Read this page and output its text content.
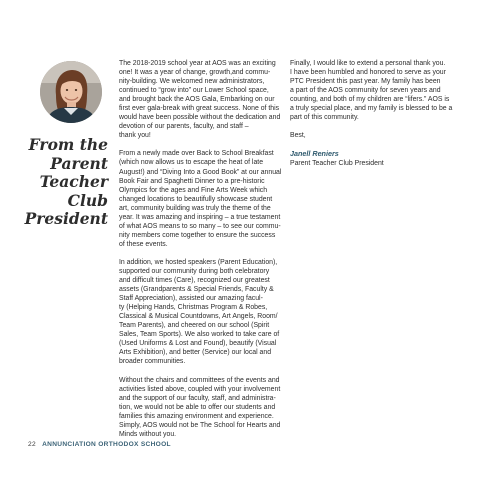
From the
Parent
Teacher
Club
President
The 2018-2019 school year at AOS was an exciting
one! It was a year of change, growth,and commu-
nity-building. We welcomed new administrators,
continued to “grow into” our Lower School space,
and brought back the AOS Gala, Embarking on our
first ever gala-break with great success. None of this
would have been possible without the dedication and
devotion of our parents, faculty, and staff –
thank you!
From a newly made over Back to School Breakfast
(which now allows us to escape the heat of late
August!) and “Diving Into a Good Book” at our annual
Book Fair and Spaghetti Dinner to a pre-historic
Olympics for the ages and Fine Arts Week which
changed locations to beautifully showcase student
art, community building was truly the theme of the
year. It was amazing and inspiring – a true testament
of what AOS means to so many – to see our commu-
nity members come together to ensure the success
of these events.
In addition, we hosted speakers (Parent Education),
supported our community during both celebratory
and difficult times (Care), recognized our greatest
assets (Grandparents & Special Friends, Faculty &
Staff Appreciation), assisted our amazing facul-
ty (Helping Hands, Christmas Program & Robes,
Classical & Musical Countdowns, Art Angels, Room/
Team Parents), and cheered on our school (Spirit
Sales, Team Sports). We also worked to take care of
(Used Uniforms & Lost and Found), beautify (Visual
Arts Exhibition), and better (Service) our local and
broader communities.
Without the chairs and committees of the events and
activities listed above, coupled with your involvement
and the support of our faculty, staff, and administra-
tion, we would not be able to offer our students and
families this amazing environment and experience.
Simply, AOS would not be The School for Hearts and
Minds without you.
Finally, I would like to extend a personal thank you.
I have been humbled and honored to serve as your
PTC President this past year. My family has been
a part of the AOS community for seven years and
counting, and both of my children are “lifers.” AOS is
a truly special place, and my family is blessed to be a
part of this community.
Best,
Janell Reniers
Parent Teacher Club President
22 ANNUNCIATION ORTHODOX SCHOOL
